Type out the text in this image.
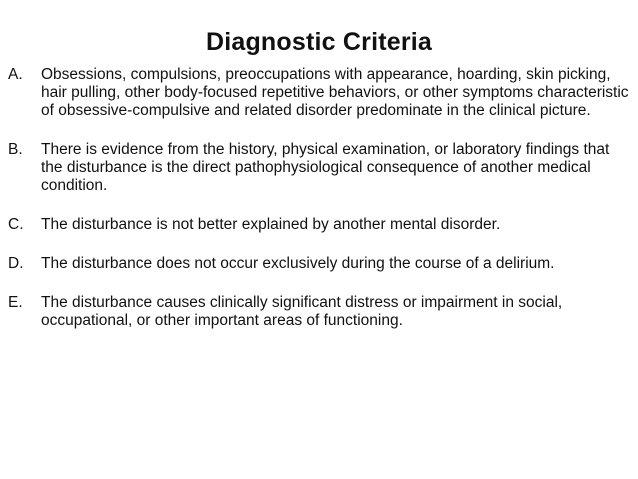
Diagnostic Criteria
A.	Obsessions, compulsions, preoccupations with appearance, hoarding, skin picking, hair pulling, other body-focused repetitive behaviors, or other symptoms characteristic of obsessive-compulsive and related disorder predominate in the clinical picture.
B.	There is evidence from the history, physical examination, or laboratory findings that the disturbance is the direct pathophysiological consequence of another medical condition.
C.	The disturbance is not better explained by another mental disorder.
D.	The disturbance does not occur exclusively during the course of a delirium.
E.	The disturbance causes clinically significant distress or impairment in social, occupational, or other important areas of functioning.
